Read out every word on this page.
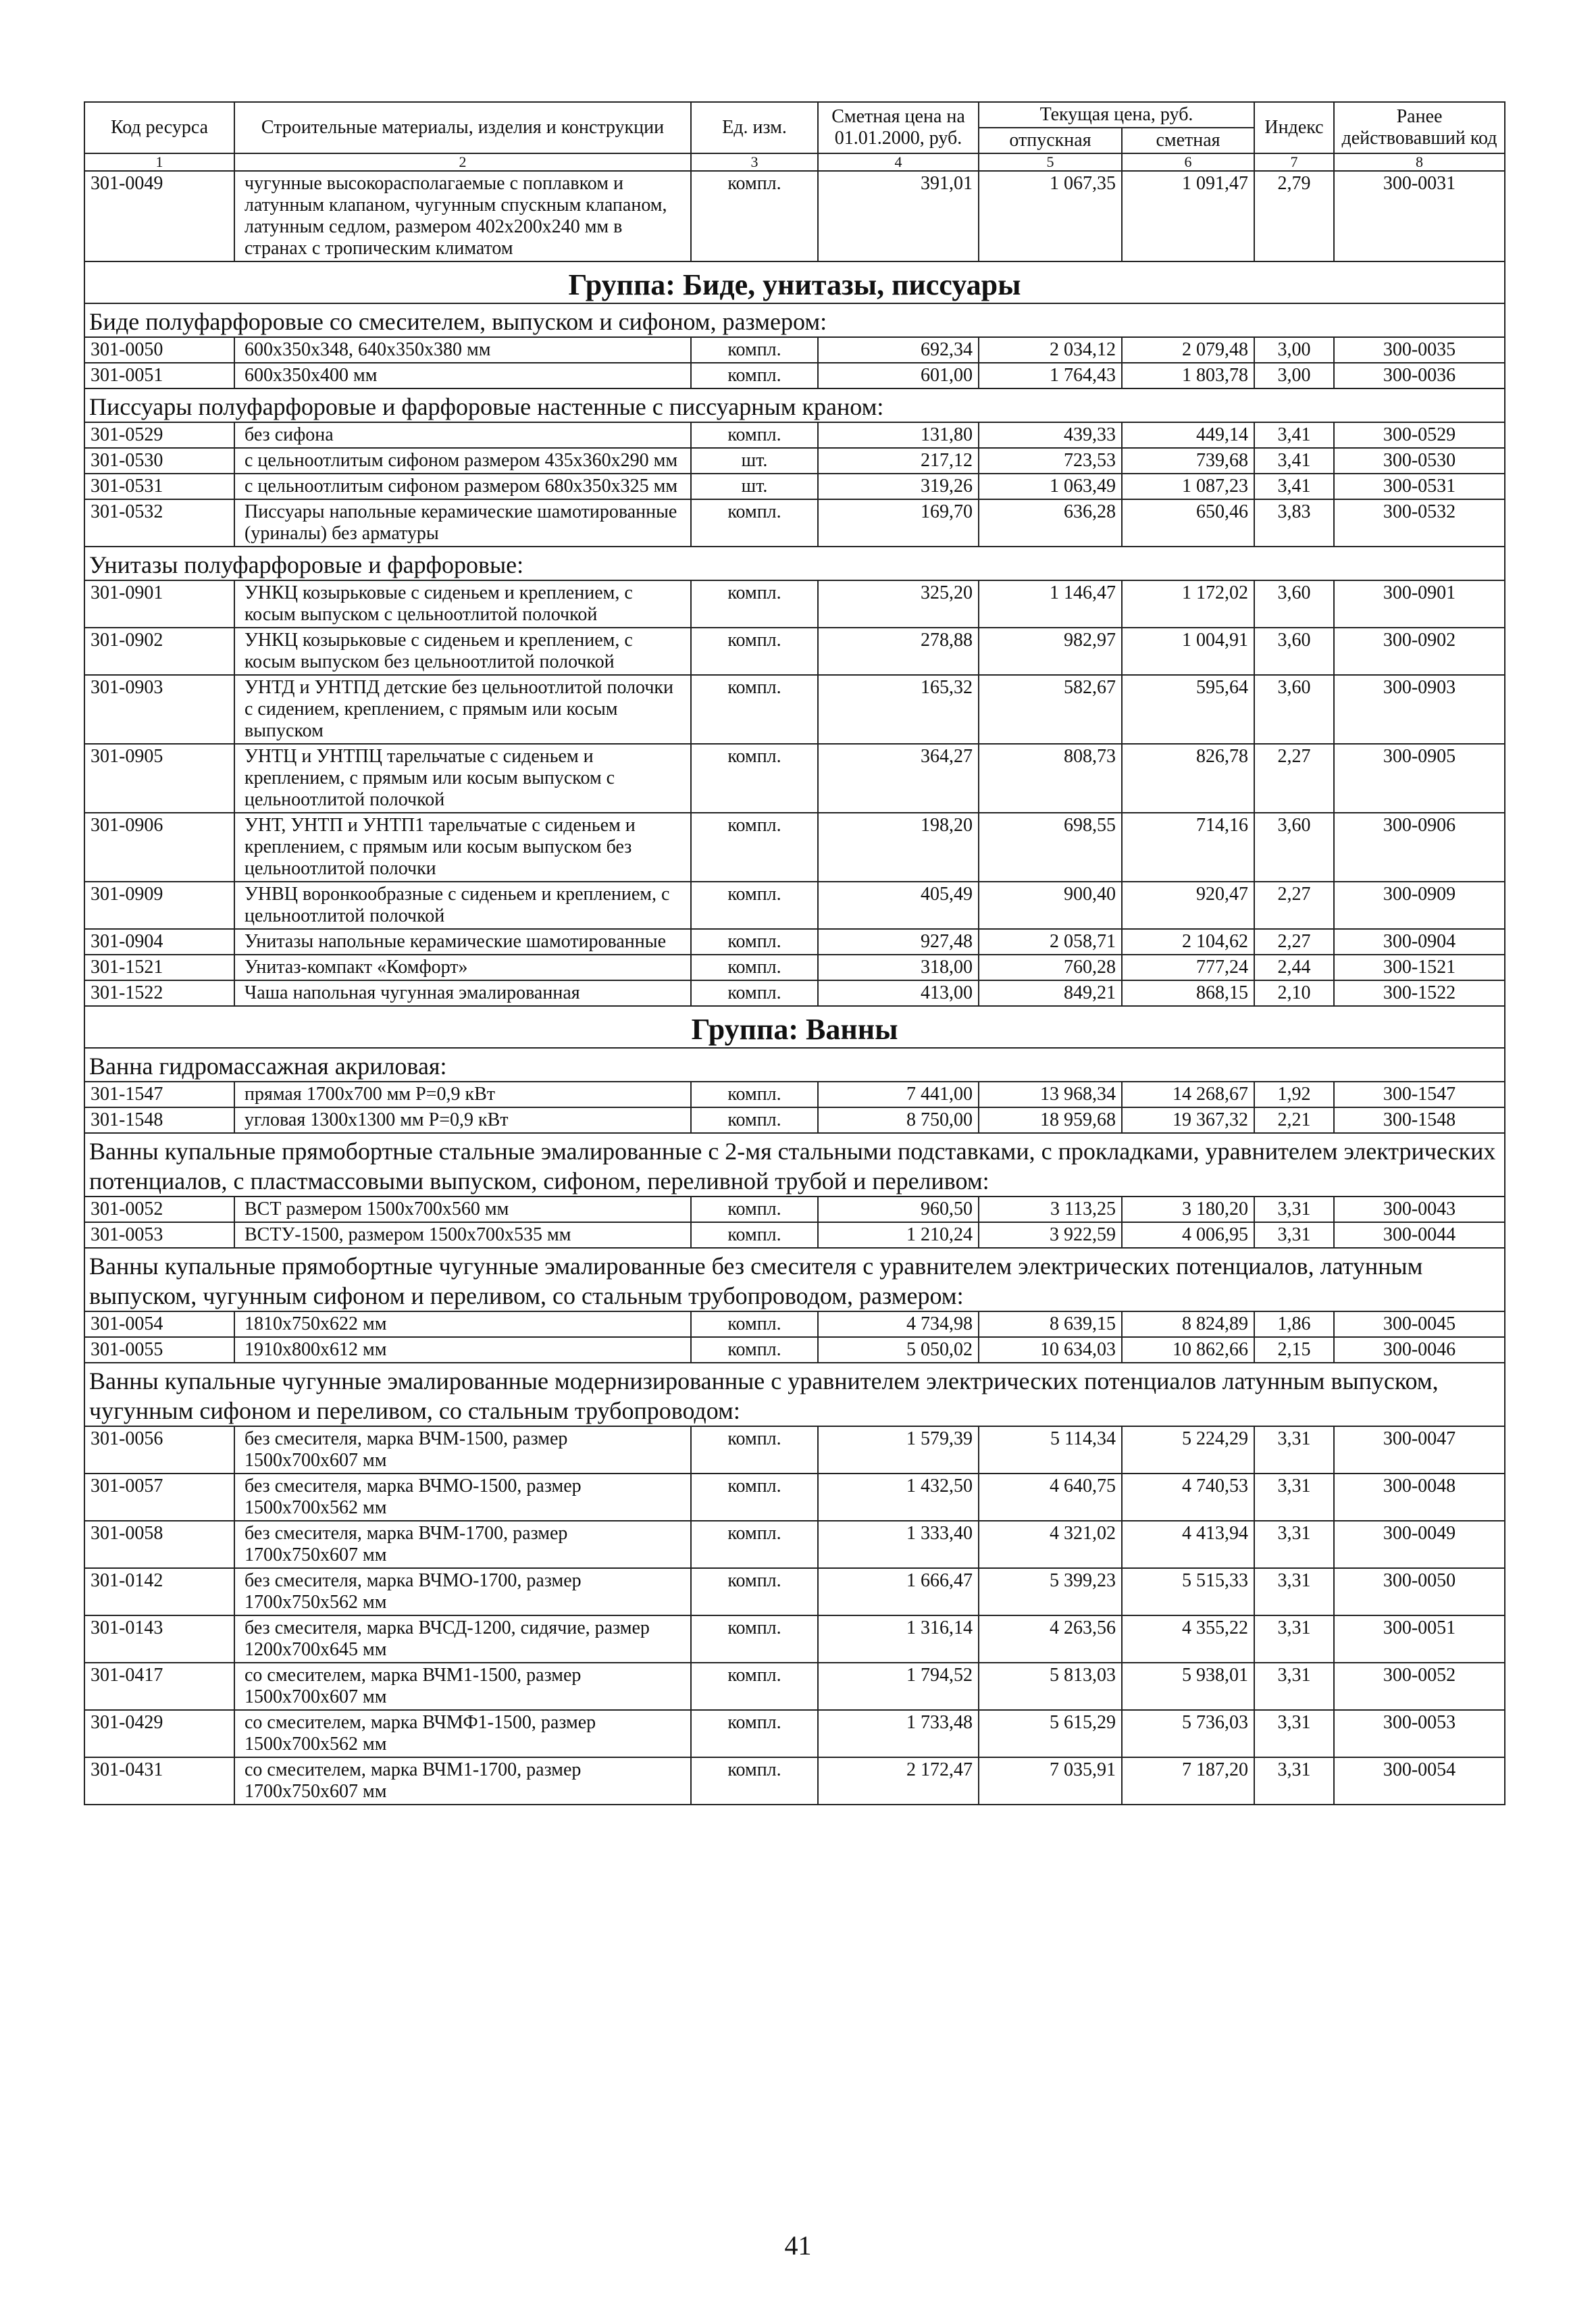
Код ресурса	Строительные материалы, изделия и конструкции	Ед. изм.	Сметная цена на 01.01.2000, руб.	Текущая цена, руб.		Индекс	Ранее действовавший код
				отпускная	сметная		
1	2	3	4	5	6	7	8
301-0049	чугунные высокорасполагаемые с поплавком и латунным клапаном, чугунным спускным клапаном, латунным седлом, размером 402х200х240 мм в странах с тропическим климатом	компл.	391,01	1 067,35	1 091,47	2,79	300-0031
Группа: Биде, унитазы, писсуары							
Биде полуфарфоровые со смесителем, выпуском и сифоном, размером:							
301-0050	600х350х348, 640х350х380 мм	компл.	692,34	2 034,12	2 079,48	3,00	300-0035
301-0051	600х350х400 мм	компл.	601,00	1 764,43	1 803,78	3,00	300-0036
Писсуары полуфарфоровые и фарфоровые настенные с писсуарным краном:							
301-0529	без сифона	компл.	131,80	439,33	449,14	3,41	300-0529
301-0530	с цельноотлитым сифоном размером 435х360х290 мм	шт.	217,12	723,53	739,68	3,41	300-0530
301-0531	с цельноотлитым сифоном размером 680х350х325 мм	шт.	319,26	1 063,49	1 087,23	3,41	300-0531
301-0532	Писсуары напольные керамические шамотированные (уриналы) без арматуры	компл.	169,70	636,28	650,46	3,83	300-0532
Унитазы полуфарфоровые и фарфоровые:							
301-0901	УНКЦ козырьковые с сиденьем и креплением, с косым выпуском с цельноотлитой полочкой	компл.	325,20	1 146,47	1 172,02	3,60	300-0901
301-0902	УНКЦ козырьковые с сиденьем и креплением, с косым выпуском без цельноотлитой полочкой	компл.	278,88	982,97	1 004,91	3,60	300-0902
301-0903	УНТД и УНТПД детские без цельноотлитой полочки с сидением, креплением, с прямым или косым выпуском	компл.	165,32	582,67	595,64	3,60	300-0903
301-0905	УНТЦ и УНТПЦ тарельчатые с сиденьем и креплением, с прямым или косым выпуском с цельноотлитой полочкой	компл.	364,27	808,73	826,78	2,27	300-0905
301-0906	УНТ, УНТП и УНТП1 тарельчатые с сиденьем и креплением, с прямым или косым выпуском без цельноотлитой полочки	компл.	198,20	698,55	714,16	3,60	300-0906
301-0909	УНВЦ воронкообразные с сиденьем и креплением, с цельноотлитой полочкой	компл.	405,49	900,40	920,47	2,27	300-0909
301-0904	Унитазы напольные керамические шамотированные	компл.	927,48	2 058,71	2 104,62	2,27	300-0904
301-1521	Унитаз-компакт «Комфорт»	компл.	318,00	760,28	777,24	2,44	300-1521
301-1522	Чаша напольная чугунная эмалированная	компл.	413,00	849,21	868,15	2,10	300-1522
Группа: Ванны							
Ванна гидромассажная акриловая:							
301-1547	прямая 1700х700 мм Р=0,9 кВт	компл.	7 441,00	13 968,34	14 268,67	1,92	300-1547
301-1548	угловая 1300х1300 мм Р=0,9 кВт	компл.	8 750,00	18 959,68	19 367,32	2,21	300-1548
Ванны купальные прямобортные стальные эмалированные с 2-мя стальными подставками, с прокладками, уравнителем электрических потенциалов, с пластмассовыми выпуском, сифоном, переливной трубой и переливом:							
301-0052	ВСТ размером 1500х700х560 мм	компл.	960,50	3 113,25	3 180,20	3,31	300-0043
301-0053	ВСТУ-1500, размером 1500х700х535 мм	компл.	1 210,24	3 922,59	4 006,95	3,31	300-0044
Ванны купальные прямобортные чугунные эмалированные без смесителя с уравнителем электрических потенциалов, латунным выпуском, чугунным сифоном и переливом, со стальным трубопроводом, размером:							
301-0054	1810х750х622 мм	компл.	4 734,98	8 639,15	8 824,89	1,86	300-0045
301-0055	1910х800х612 мм	компл.	5 050,02	10 634,03	10 862,66	2,15	300-0046
Ванны купальные чугунные эмалированные модернизированные с уравнителем электрических потенциалов латунным выпуском, чугунным сифоном и переливом, со стальным трубопроводом:							
301-0056	без смесителя, марка ВЧМ-1500, размер 1500х700х607 мм	компл.	1 579,39	5 114,34	5 224,29	3,31	300-0047
301-0057	без смесителя, марка ВЧМО-1500, размер 1500х700х562 мм	компл.	1 432,50	4 640,75	4 740,53	3,31	300-0048
301-0058	без смесителя, марка ВЧМ-1700, размер 1700х750х607 мм	компл.	1 333,40	4 321,02	4 413,94	3,31	300-0049
301-0142	без смесителя, марка ВЧМО-1700, размер 1700х750х562 мм	компл.	1 666,47	5 399,23	5 515,33	3,31	300-0050
301-0143	без смесителя, марка ВЧСД-1200, сидячие, размер 1200х700х645 мм	компл.	1 316,14	4 263,56	4 355,22	3,31	300-0051
301-0417	со смесителем, марка ВЧМ1-1500, размер 1500х700х607 мм	компл.	1 794,52	5 813,03	5 938,01	3,31	300-0052
301-0429	со смесителем, марка ВЧМФ1-1500, размер 1500х700х562 мм	компл.	1 733,48	5 615,29	5 736,03	3,31	300-0053
301-0431	со смесителем, марка ВЧМ1-1700, размер 1700х750х607 мм	компл.	2 172,47	7 035,91	7 187,20	3,31	300-0054
41
